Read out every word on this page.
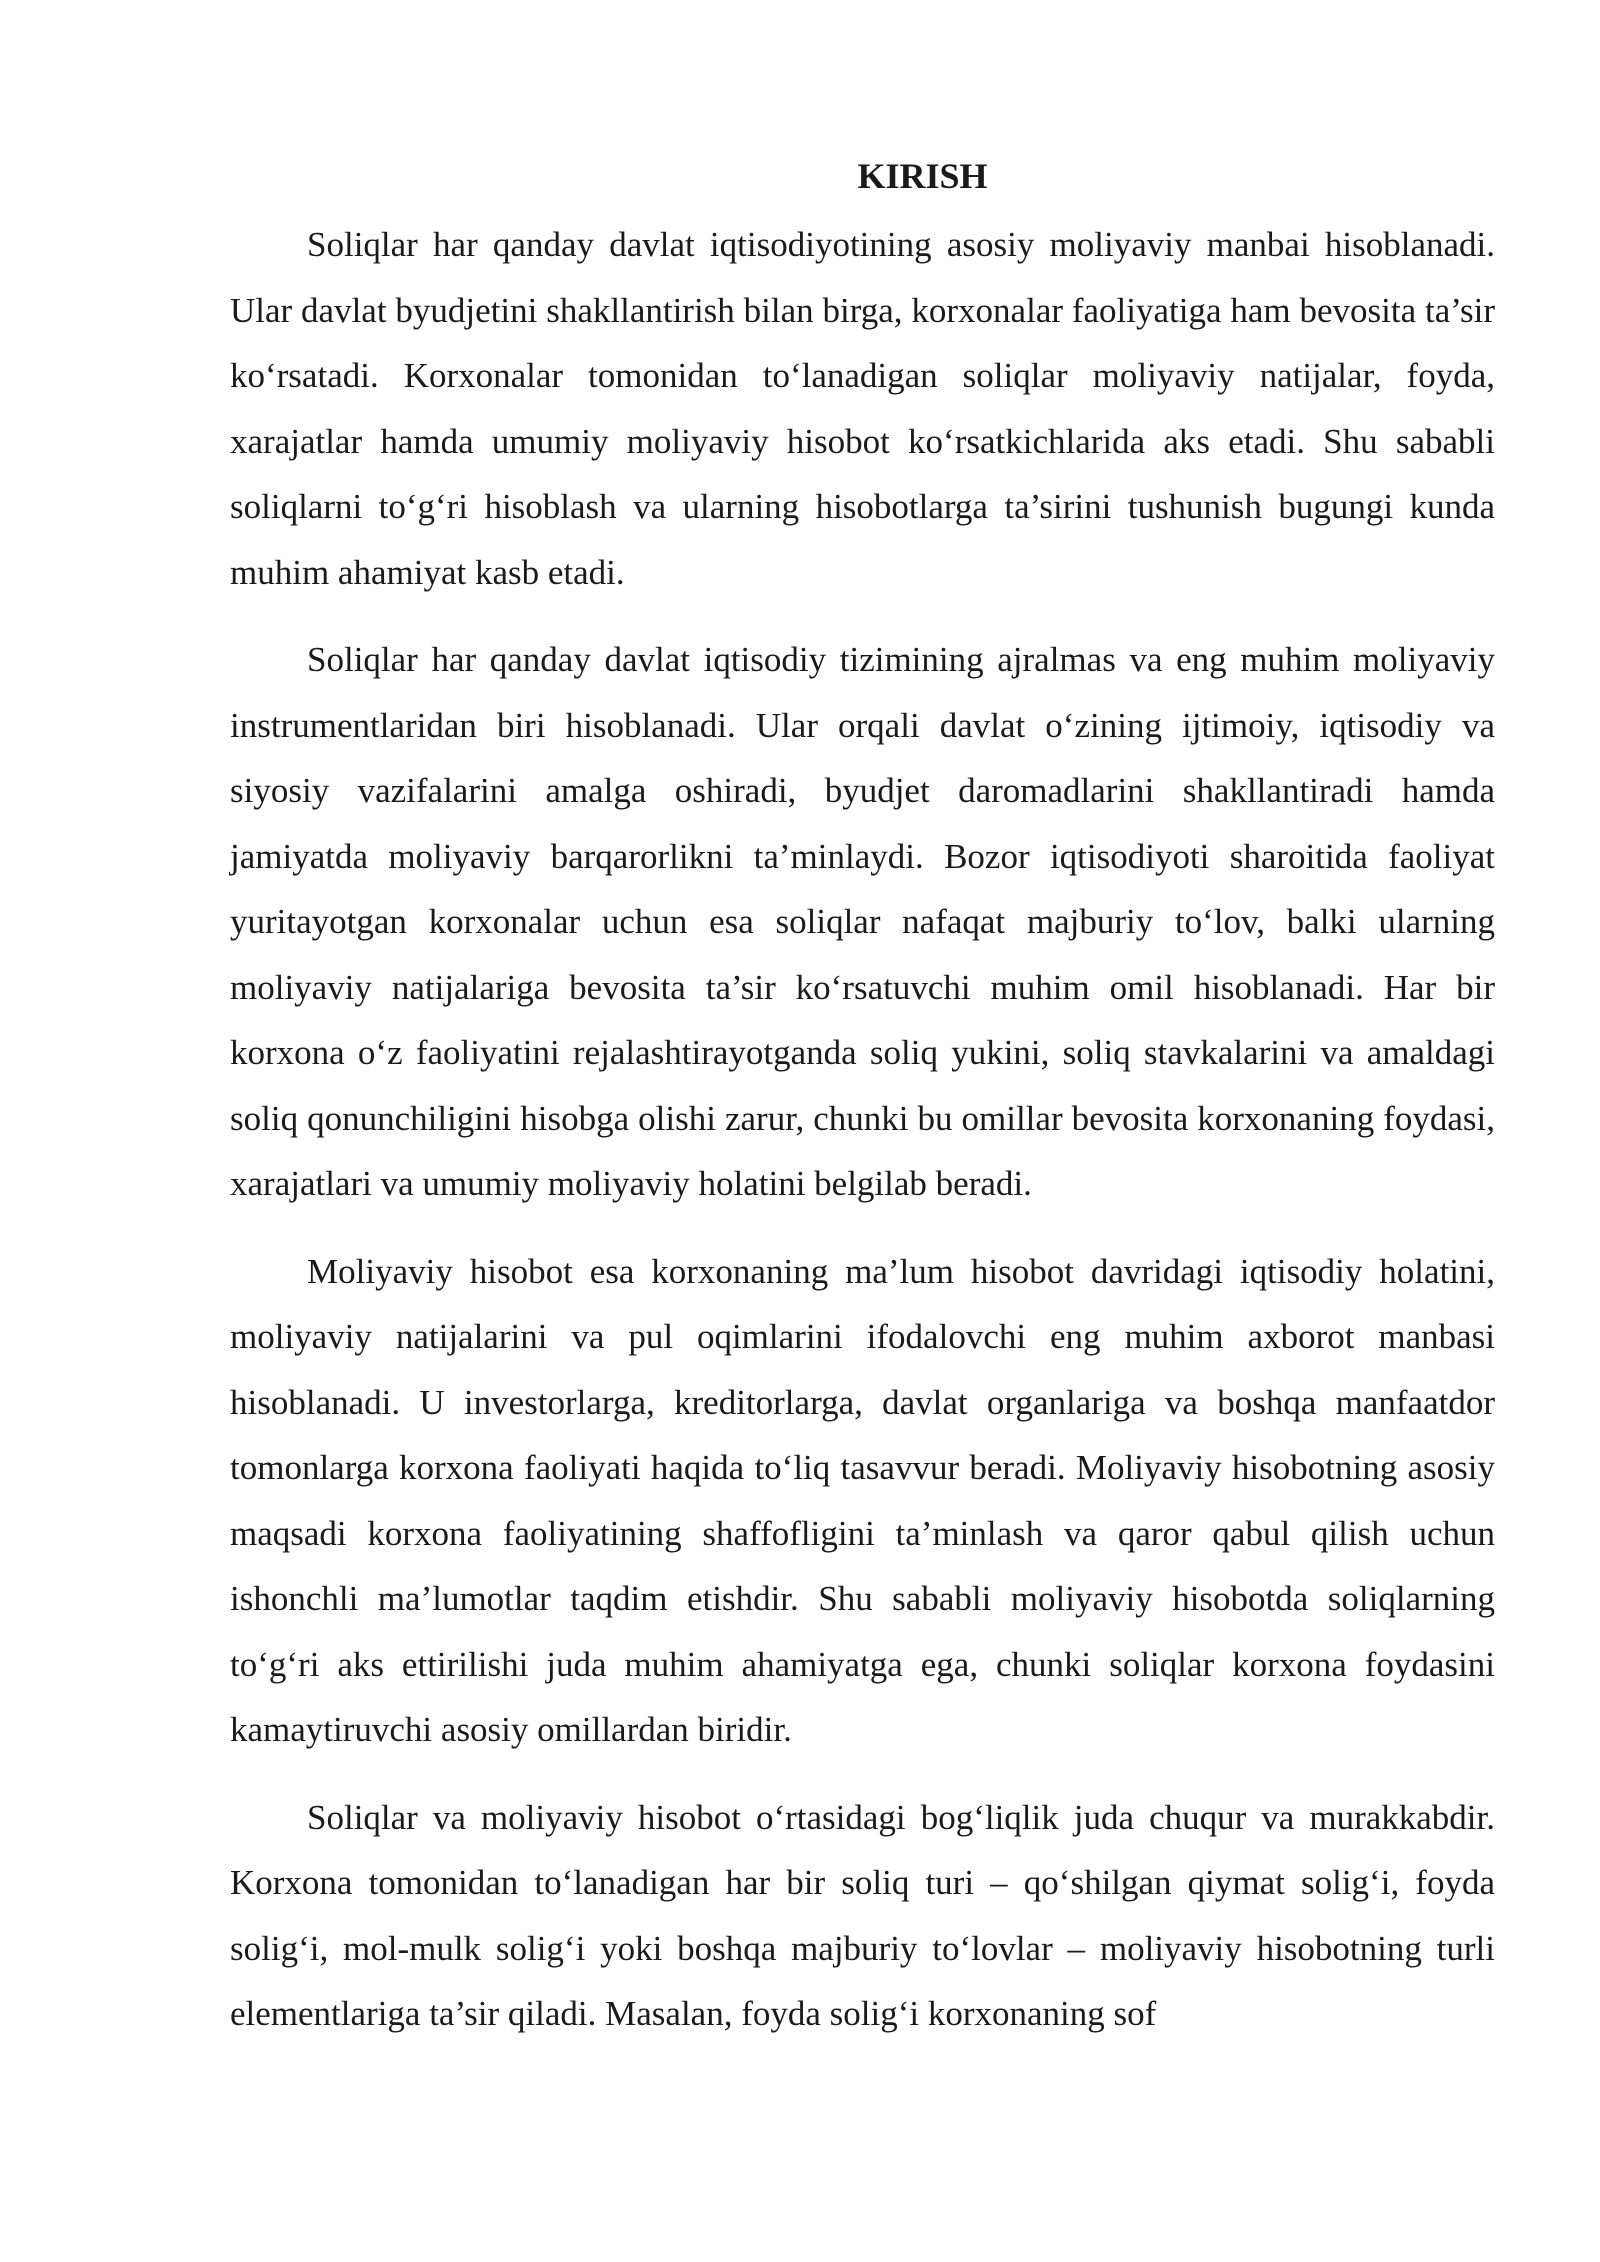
KIRISH

Soliqlar har qanday davlat iqtisodiyotining asosiy moliyaviy manbai hisoblanadi. Ular davlat byudjetini shakllantirish bilan birga, korxonalar faoliyatiga ham bevosita ta’sir ko‘rsatadi. Korxonalar tomonidan to‘lanadigan soliqlar moliyaviy natijalar, foyda, xarajatlar hamda umumiy moliyaviy hisobot ko‘rsatkichlarida aks etadi. Shu sababli soliqlarni to‘g‘ri hisoblash va ularning hisobotlarga ta’sirini tushunish bugungi kunda muhim ahamiyat kasb etadi.

Soliqlar har qanday davlat iqtisodiy tizimining ajralmas va eng muhim moliyaviy instrumentlaridan biri hisoblanadi. Ular orqali davlat o‘zining ijtimoiy, iqtisodiy va siyosiy vazifalarini amalga oshiradi, byudjet daromadlarini shakllantiradi hamda jamiyatda moliyaviy barqarorlikni ta’minlaydi. Bozor iqtisodiyoti sharoitida faoliyat yuritayotgan korxonalar uchun esa soliqlar nafaqat majburiy to‘lov, balki ularning moliyaviy natijalariga bevosita ta’sir ko‘rsatuvchi muhim omil hisoblanadi. Har bir korxona o‘z faoliyatini rejalashtirayotganda soliq yukini, soliq stavkalarini va amaldagi soliq qonunchiligini hisobga olishi zarur, chunki bu omillar bevosita korxonaning foydasi, xarajatlari va umumiy moliyaviy holatini belgilab beradi.

Moliyaviy hisobot esa korxonaning ma’lum hisobot davridagi iqtisodiy holatini, moliyaviy natijalarini va pul oqimlarini ifodalovchi eng muhim axborot manbasi hisoblanadi. U investorlarga, kreditorlarga, davlat organlariga va boshqa manfaatdor tomonlarga korxona faoliyati haqida to‘liq tasavvur beradi. Moliyaviy hisobotning asosiy maqsadi korxona faoliyatining shaffofligini ta’minlash va qaror qabul qilish uchun ishonchli ma’lumotlar taqdim etishdir. Shu sababli moliyaviy hisobotda soliqlarning to‘g‘ri aks ettirilishi juda muhim ahamiyatga ega, chunki soliqlar korxona foydasini kamaytiruvchi asosiy omillardan biridir.

Soliqlar va moliyaviy hisobot o‘rtasidagi bog‘liqlik juda chuqur va murakkabdir. Korxona tomonidan to‘lanadigan har bir soliq turi – qo‘shilgan qiymat solig‘i, foyda solig‘i, mol-mulk solig‘i yoki boshqa majburiy to‘lovlar – moliyaviy hisobotning turli elementlariga ta’sir qiladi. Masalan, foyda solig‘i korxonaning sof
